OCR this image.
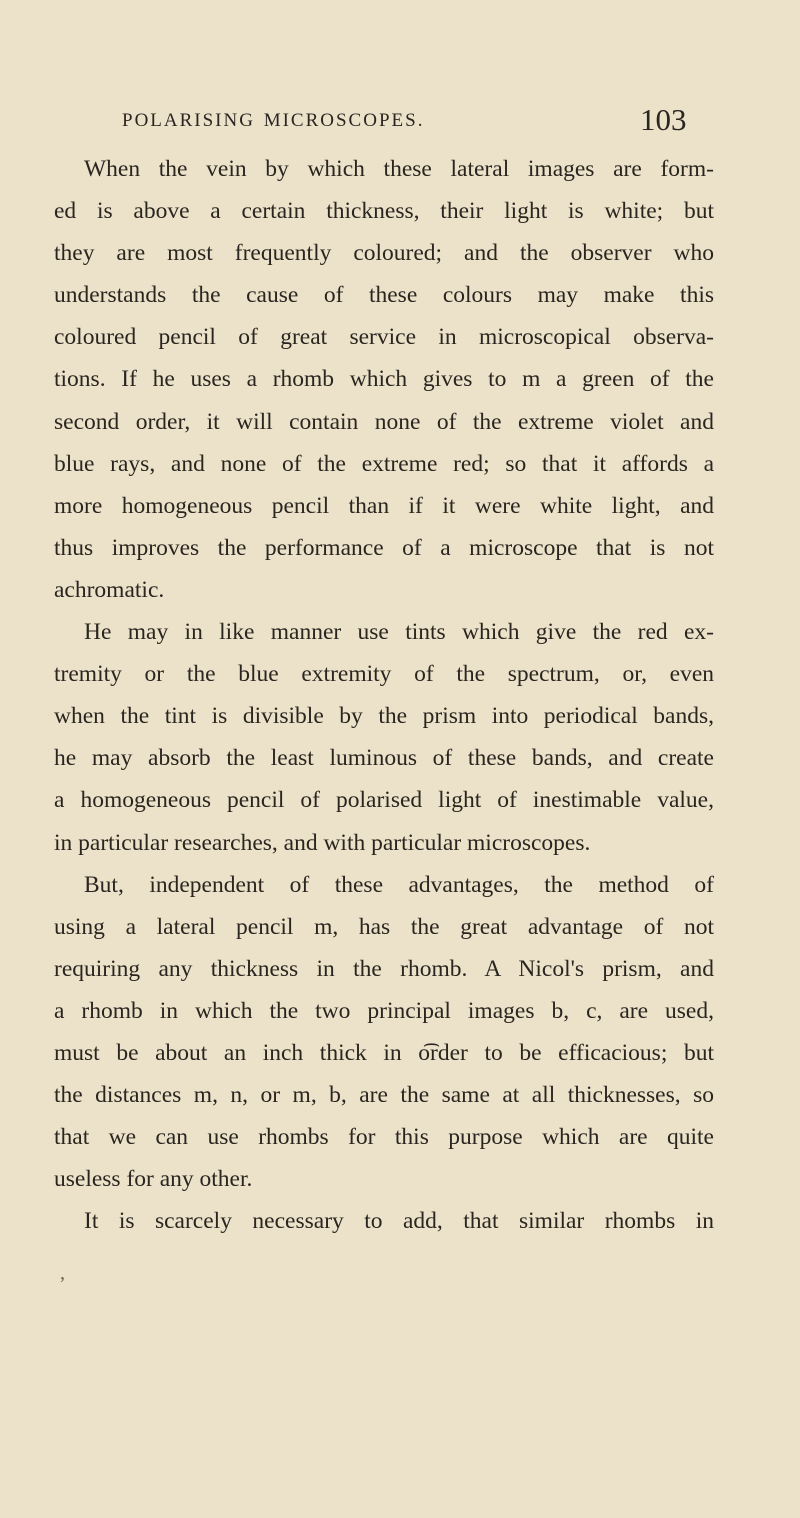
POLARISING MICROSCOPES.	103
When the vein by which these lateral images are form-
ed is above a certain thickness, their light is white; but
they are most frequently coloured; and the observer who
understands the cause of these colours may make this
coloured pencil of great service in microscopical observa-
tions. If he uses a rhomb which gives to m a green of the
second order, it will contain none of the extreme violet and
blue rays, and none of the extreme red; so that it affords a
more homogeneous pencil than if it were white light, and
thus improves the performance of a microscope that is not
achromatic.
He may in like manner use tints which give the red ex-
tremity or the blue extremity of the spectrum, or, even
when the tint is divisible by the prism into periodical bands,
he may absorb the least luminous of these bands, and create
a homogeneous pencil of polarised light of inestimable value,
in particular researches, and with particular microscopes.
But, independent of these advantages, the method of
using a lateral pencil m, has the great advantage of not
requiring any thickness in the rhomb. A Nicol's prism, and
a rhomb in which the two principal images b, c, are used,
must be about an inch thick in o͡rder to be efficacious; but
the distances m, n, or m, b, are the same at all thicknesses, so
that we can use rhombs for this purpose which are quite
useless for any other.
It is scarcely necessary to add, that similar rhombs in
,
